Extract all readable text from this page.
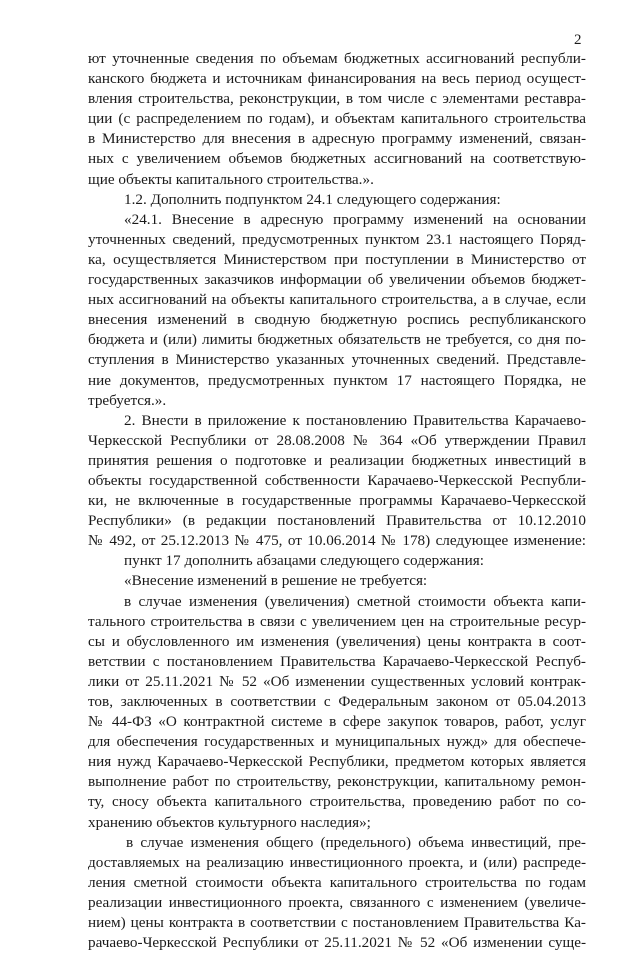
2
ют уточненные сведения по объемам бюджетных ассигнований республи-
канского бюджета и источникам финансирования на весь период осущест-
вления строительства, реконструкции, в том числе с элементами реставра-
ции (с распределением по годам), и объектам капитального строительства
в Министерство для внесения в адресную программу изменений, связан-
ных с увеличением объемов бюджетных ассигнований на соответствую-
щие объекты капитального строительства.».
1.2. Дополнить подпунктом 24.1 следующего содержания:
«24.1. Внесение в адресную программу изменений на основании
уточненных сведений, предусмотренных пунктом 23.1 настоящего Поряд-
ка, осуществляется Министерством при поступлении в Министерство от
государственных заказчиков информации об увеличении объемов бюджет-
ных ассигнований на объекты капитального строительства, а в случае, если
внесения изменений в сводную бюджетную роспись республиканского
бюджета и (или) лимиты бюджетных обязательств не требуется, со дня по-
ступления в Министерство указанных уточненных сведений. Представле-
ние документов, предусмотренных пунктом 17 настоящего Порядка, не
требуется.».
2. Внести в приложение к постановлению Правительства Карачаево-
Черкесской Республики от 28.08.2008 № 364 «Об утверждении Правил
принятия решения о подготовке и реализации бюджетных инвестиций в
объекты государственной собственности Карачаево-Черкесской Республи-
ки, не включенные в государственные программы Карачаево-Черкесской
Республики» (в редакции постановлений Правительства от 10.12.2010
№ 492, от 25.12.2013 № 475, от 10.06.2014 № 178) следующее изменение:
пункт 17 дополнить абзацами следующего содержания:
«Внесение изменений в решение не требуется:
в случае изменения (увеличения) сметной стоимости объекта капи-
тального строительства в связи с увеличением цен на строительные ресур-
сы и обусловленного им изменения (увеличения) цены контракта в соот-
ветствии с постановлением Правительства Карачаево-Черкесской Респуб-
лики от 25.11.2021 № 52 «Об изменении существенных условий контрак-
тов, заключенных в соответствии с Федеральным законом от 05.04.2013
№ 44-ФЗ «О контрактной системе в сфере закупок товаров, работ, услуг
для обеспечения государственных и муниципальных нужд» для обеспече-
ния нужд Карачаево-Черкесской Республики, предметом которых является
выполнение работ по строительству, реконструкции, капитальному ремон-
ту, сносу объекта капитального строительства, проведению работ по со-
хранению объектов культурного наследия»;
в случае изменения общего (предельного) объема инвестиций, пре-
доставляемых на реализацию инвестиционного проекта, и (или) распреде-
ления сметной стоимости объекта капитального строительства по годам
реализации инвестиционного проекта, связанного с изменением (увеличе-
нием) цены контракта в соответствии с постановлением Правительства Ка-
рачаево-Черкесской Республики от 25.11.2021 № 52 «Об изменении суще-
